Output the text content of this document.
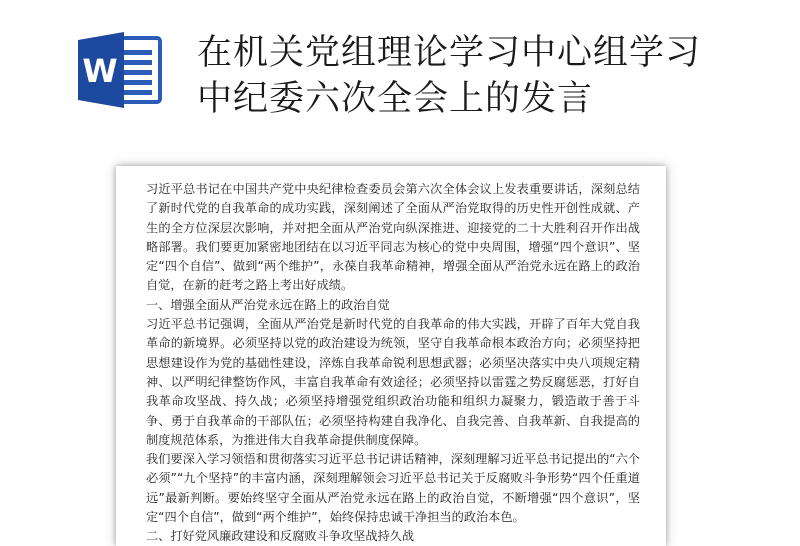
W 在机关党组理论学习中心组学习
中纪委六次全会上的发言

习近平总书记在中国共产党中央纪律检查委员会第六次全体会议上发表重要讲话，深刻总结了新时代党的自我革命的成功实践，深刻阐述了全面从严治党取得的历史性开创性成就、产生的全方位深层次影响，并对把全面从严治党向纵深推进、迎接党的二十大胜利召开作出战略部署。我们要更加紧密地团结在以习近平同志为核心的党中央周围，增强“四个意识”、坚定“四个自信”、做到“两个维护”，永葆自我革命精神，增强全面从严治党永远在路上的政治自觉，在新的赶考之路上考出好成绩。

一、增强全面从严治党永远在路上的政治自觉

习近平总书记强调，全面从严治党是新时代党的自我革命的伟大实践，开辟了百年大党自我革命的新境界。必须坚持以党的政治建设为统领，坚守自我革命根本政治方向；必须坚持把思想建设作为党的基础性建设，淬炼自我革命锐利思想武器；必须坚决落实中央八项规定精神、以严明纪律整饬作风，丰富自我革命有效途径；必须坚持以雷霆之势反腐惩恶，打好自我革命攻坚战、持久战；必须坚持增强党组织政治功能和组织力凝聚力，锻造敢于善于斗争、勇于自我革命的干部队伍；必须坚持构建自我净化、自我完善、自我革新、自我提高的制度规范体系，为推进伟大自我革命提供制度保障。

我们要深入学习领悟和贯彻落实习近平总书记讲话精神，深刻理解习近平总书记提出的“六个必须”“九个坚持”的丰富内涵，深刻理解领会习近平总书记关于反腐败斗争形势“四个任重道远”最新判断。要始终坚守全面从严治党永远在路上的政治自觉，不断增强“四个意识”，坚定“四个自信”，做到“两个维护”，始终保持忠诚干净担当的政治本色。

二、打好党风廉政建设和反腐败斗争攻坚战持久战
